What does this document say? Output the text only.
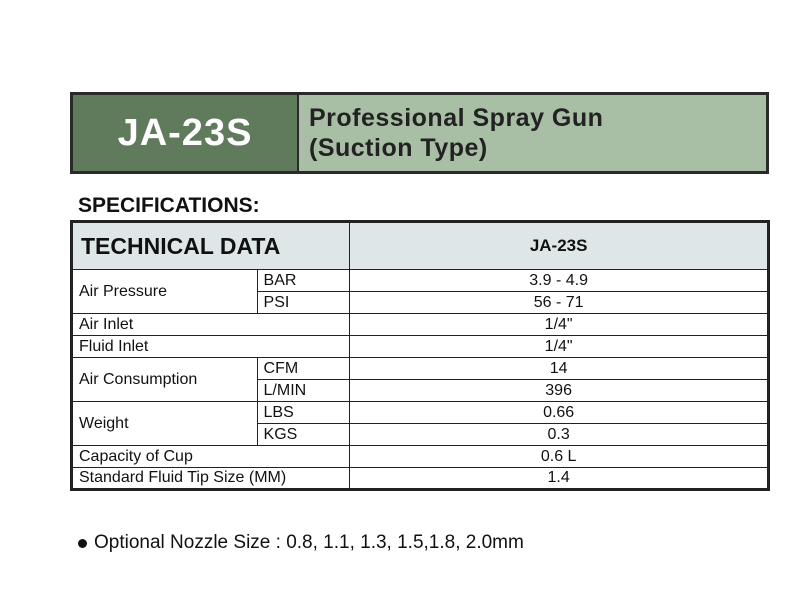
JA-23S	Professional Spray Gun
(Suction Type)
SPECIFICATIONS:
TECHNICAL DATA		JA-23S
Air Pressure	BAR	3.9 - 4.9
	PSI	56 - 71
Air Inlet		1/4"
Fluid Inlet		1/4"
Air Consumption	CFM	14
	L/MIN	396
Weight	LBS	0.66
	KGS	0.3
Capacity of Cup		0.6 L
Standard Fluid Tip Size (MM)		1.4
Optional Nozzle Size : 0.8, 1.1, 1.3, 1.5,1.8, 2.0mm
